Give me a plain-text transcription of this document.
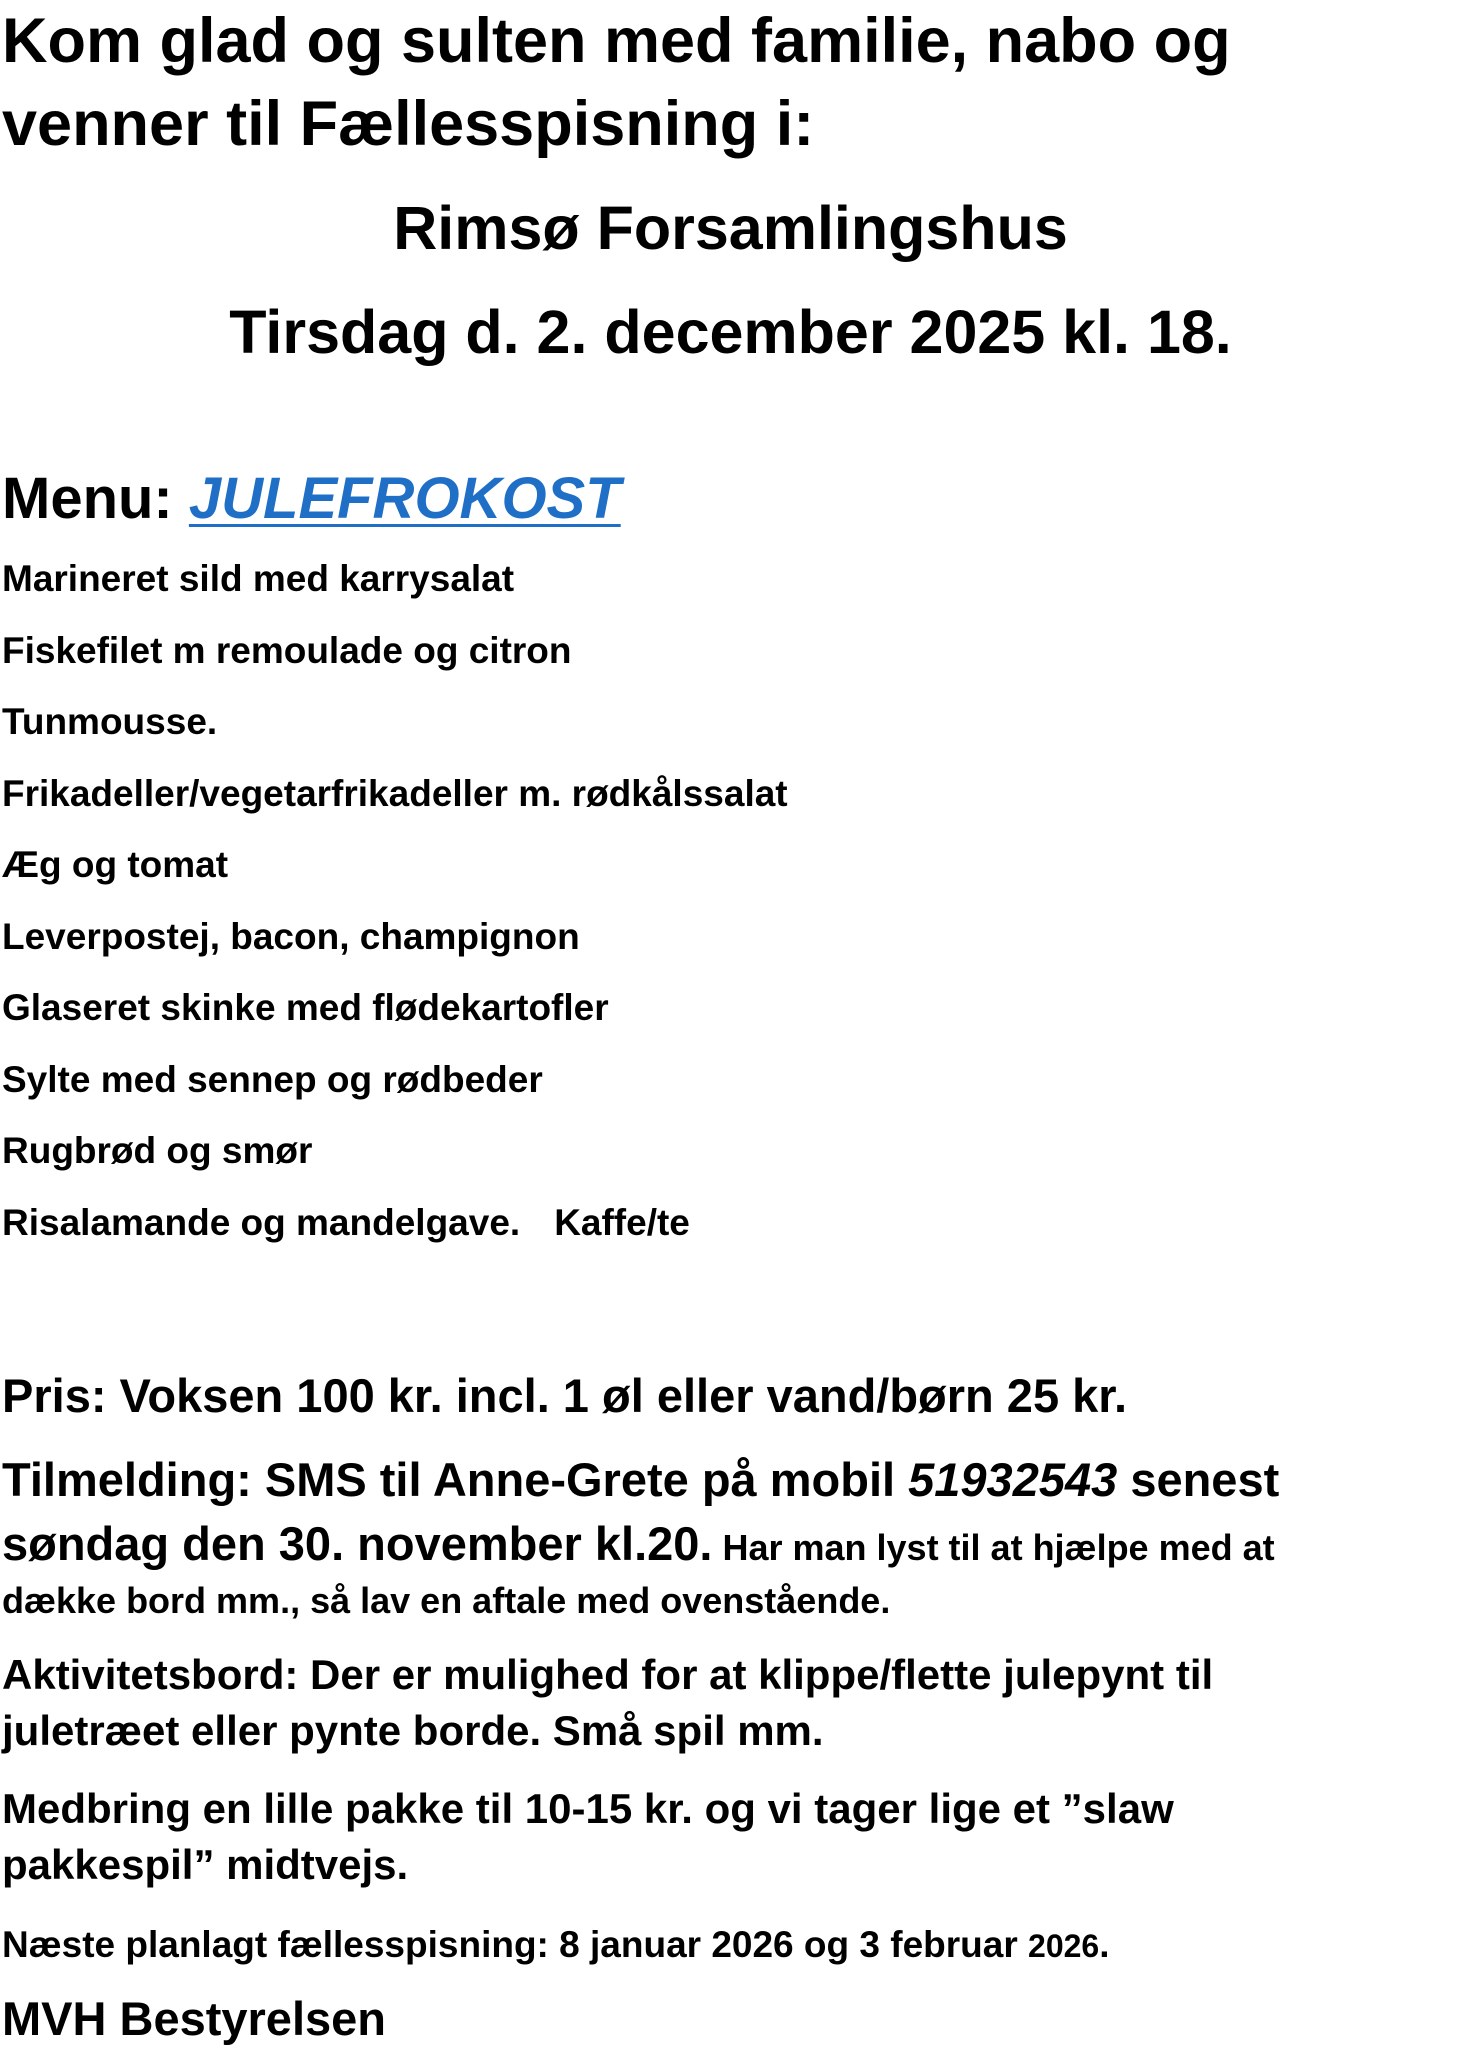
Kom glad og sulten med familie, nabo og

venner til Fællesspisning i:

Rimsø Forsamlingshus

Tirsdag d. 2. december 2025 kl. 18.

Menu: JULEFROKOST

Marineret sild med karrysalat
Fiskefilet m remoulade og citron
Tunmousse.
Frikadeller/vegetarfrikadeller m. rødkålssalat
Æg og tomat
Leverpostej, bacon, champignon
Glaseret skinke med flødekartofler
Sylte med sennep og rødbeder
Rugbrød og smør
Risalamande og mandelgave. Kaffe/te

Pris: Voksen 100 kr. incl. 1 øl eller vand/børn 25 kr.

Tilmelding: SMS til Anne-Grete på mobil 51932543 senest

søndag den 30. november kl.20. Har man lyst til at hjælpe med at

dække bord mm., så lav en aftale med ovenstående.

Aktivitetsbord: Der er mulighed for at klippe/flette julepynt til

juletræet eller pynte borde. Små spil mm.

Medbring en lille pakke til 10-15 kr. og vi tager lige et ”slaw

pakkespil” midtvejs.

Næste planlagt fællesspisning: 8 januar 2026 og 3 februar 2026.

MVH Bestyrelsen
